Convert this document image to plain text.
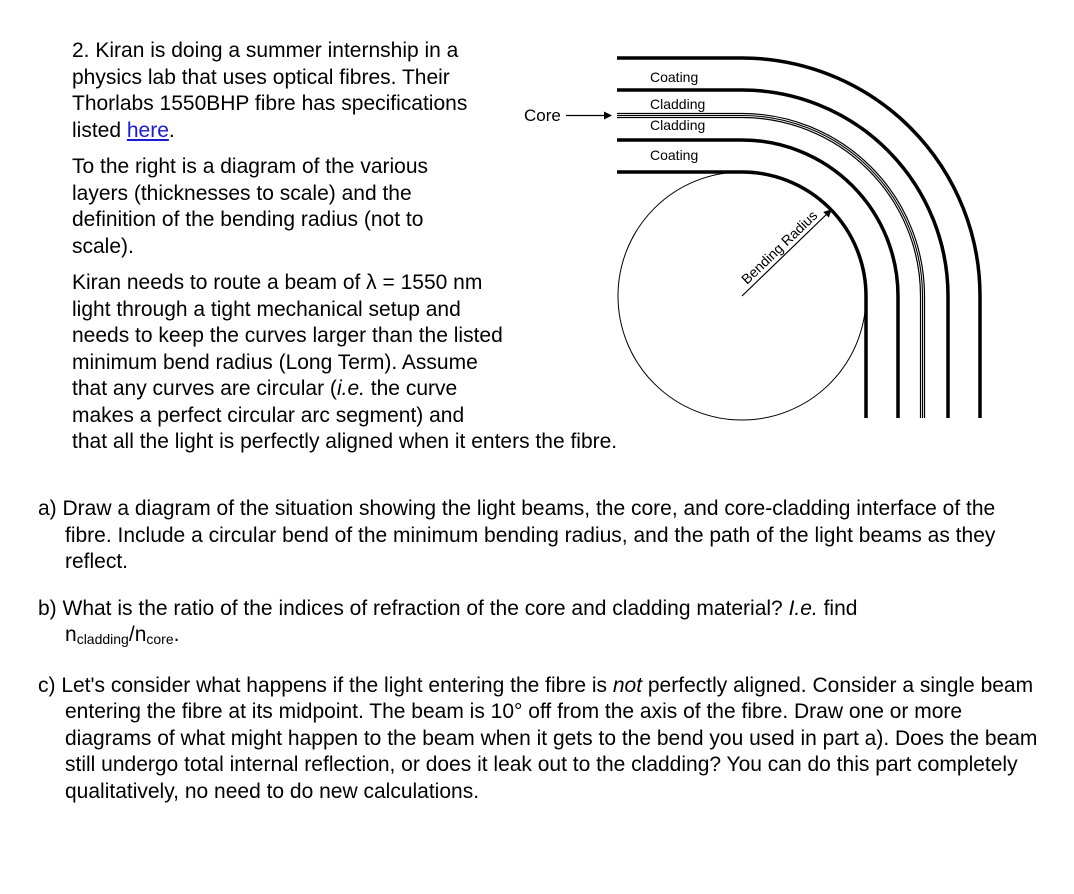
2. Kiran is doing a summer internship in a physics lab that uses optical fibres. Their Thorlabs 1550BHP fibre has specifications listed here.

To the right is a diagram of the various layers (thicknesses to scale) and the definition of the bending radius (not to scale).

Kiran needs to route a beam of λ = 1550 nm light through a tight mechanical setup and needs to keep the curves larger than the listed minimum bend radius (Long Term). Assume that any curves are circular (i.e. the curve makes a perfect circular arc segment) and
that all the light is perfectly aligned when it enters the fibre.

Coating
Cladding
Cladding
Coating
Core
Bending Radius

a) Draw a diagram of the situation showing the light beams, the core, and core-cladding interface of the fibre. Include a circular bend of the minimum bending radius, and the path of the light beams as they reflect.

b) What is the ratio of the indices of refraction of the core and cladding material? I.e. find
$n_{cladding}/n_{core}$.

c) Let's consider what happens if the light entering the fibre is not perfectly aligned. Consider a single beam entering the fibre at its midpoint. The beam is 10° off from the axis of the fibre. Draw one or more diagrams of what might happen to the beam when it gets to the bend you used in part a). Does the beam still undergo total internal reflection, or does it leak out to the cladding? You can do this part completely qualitatively, no need to do new calculations.
